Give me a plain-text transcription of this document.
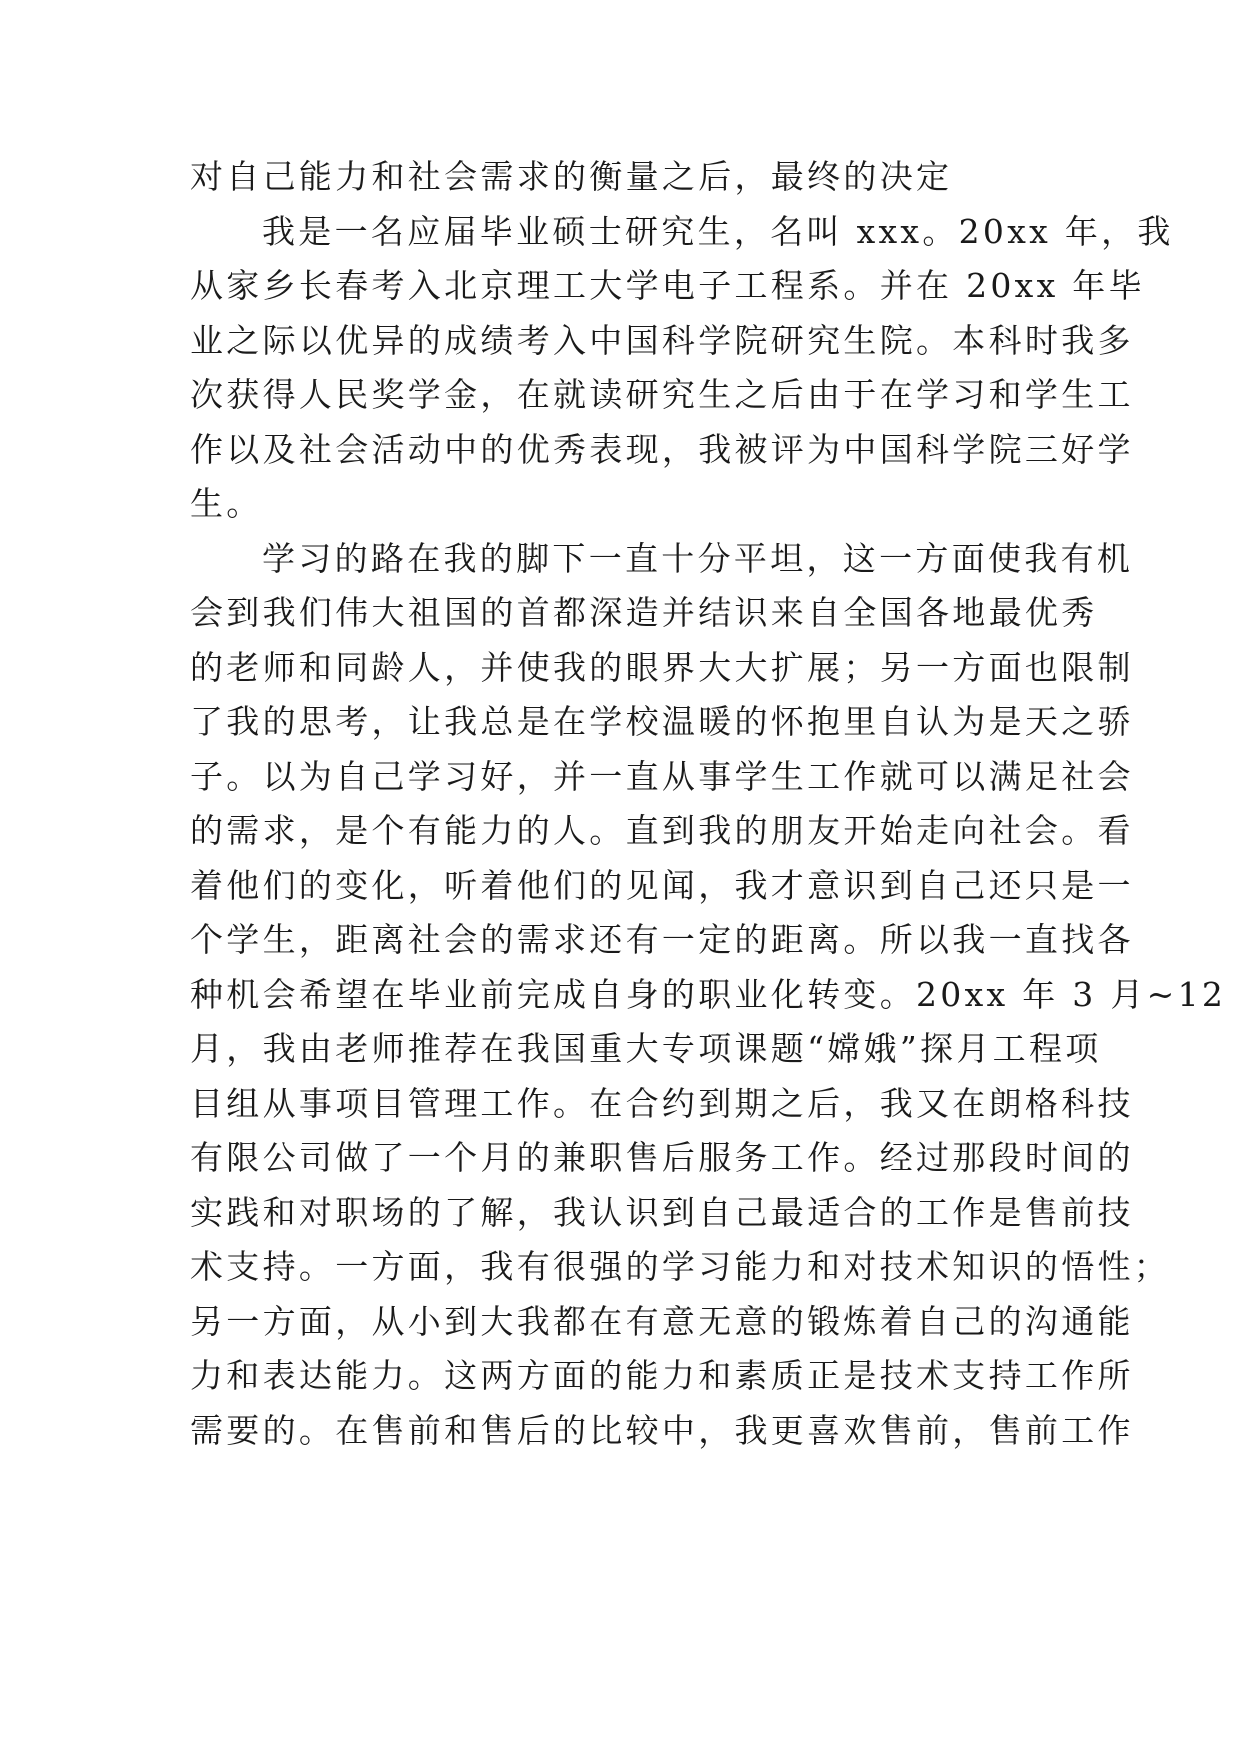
对自己能力和社会需求的衡量之后，最终的决定
我是一名应届毕业硕士研究生，名叫 xxx。20xx 年，我
从家乡长春考入北京理工大学电子工程系。并在 20xx 年毕
业之际以优异的成绩考入中国科学院研究生院。本科时我多
次获得人民奖学金，在就读研究生之后由于在学习和学生工
作以及社会活动中的优秀表现，我被评为中国科学院三好学
生。
学习的路在我的脚下一直十分平坦，这一方面使我有机
会到我们伟大祖国的首都深造并结识来自全国各地最优秀
的老师和同龄人，并使我的眼界大大扩展；另一方面也限制
了我的思考，让我总是在学校温暖的怀抱里自认为是天之骄
子。以为自己学习好，并一直从事学生工作就可以满足社会
的需求，是个有能力的人。直到我的朋友开始走向社会。看
着他们的变化，听着他们的见闻，我才意识到自己还只是一
个学生，距离社会的需求还有一定的距离。所以我一直找各
种机会希望在毕业前完成自身的职业化转变。20xx 年 3 月~12
月，我由老师推荐在我国重大专项课题“嫦娥”探月工程项
目组从事项目管理工作。在合约到期之后，我又在朗格科技
有限公司做了一个月的兼职售后服务工作。经过那段时间的
实践和对职场的了解，我认识到自己最适合的工作是售前技
术支持。一方面，我有很强的学习能力和对技术知识的悟性；
另一方面，从小到大我都在有意无意的锻炼着自己的沟通能
力和表达能力。这两方面的能力和素质正是技术支持工作所
需要的。在售前和售后的比较中，我更喜欢售前，售前工作
